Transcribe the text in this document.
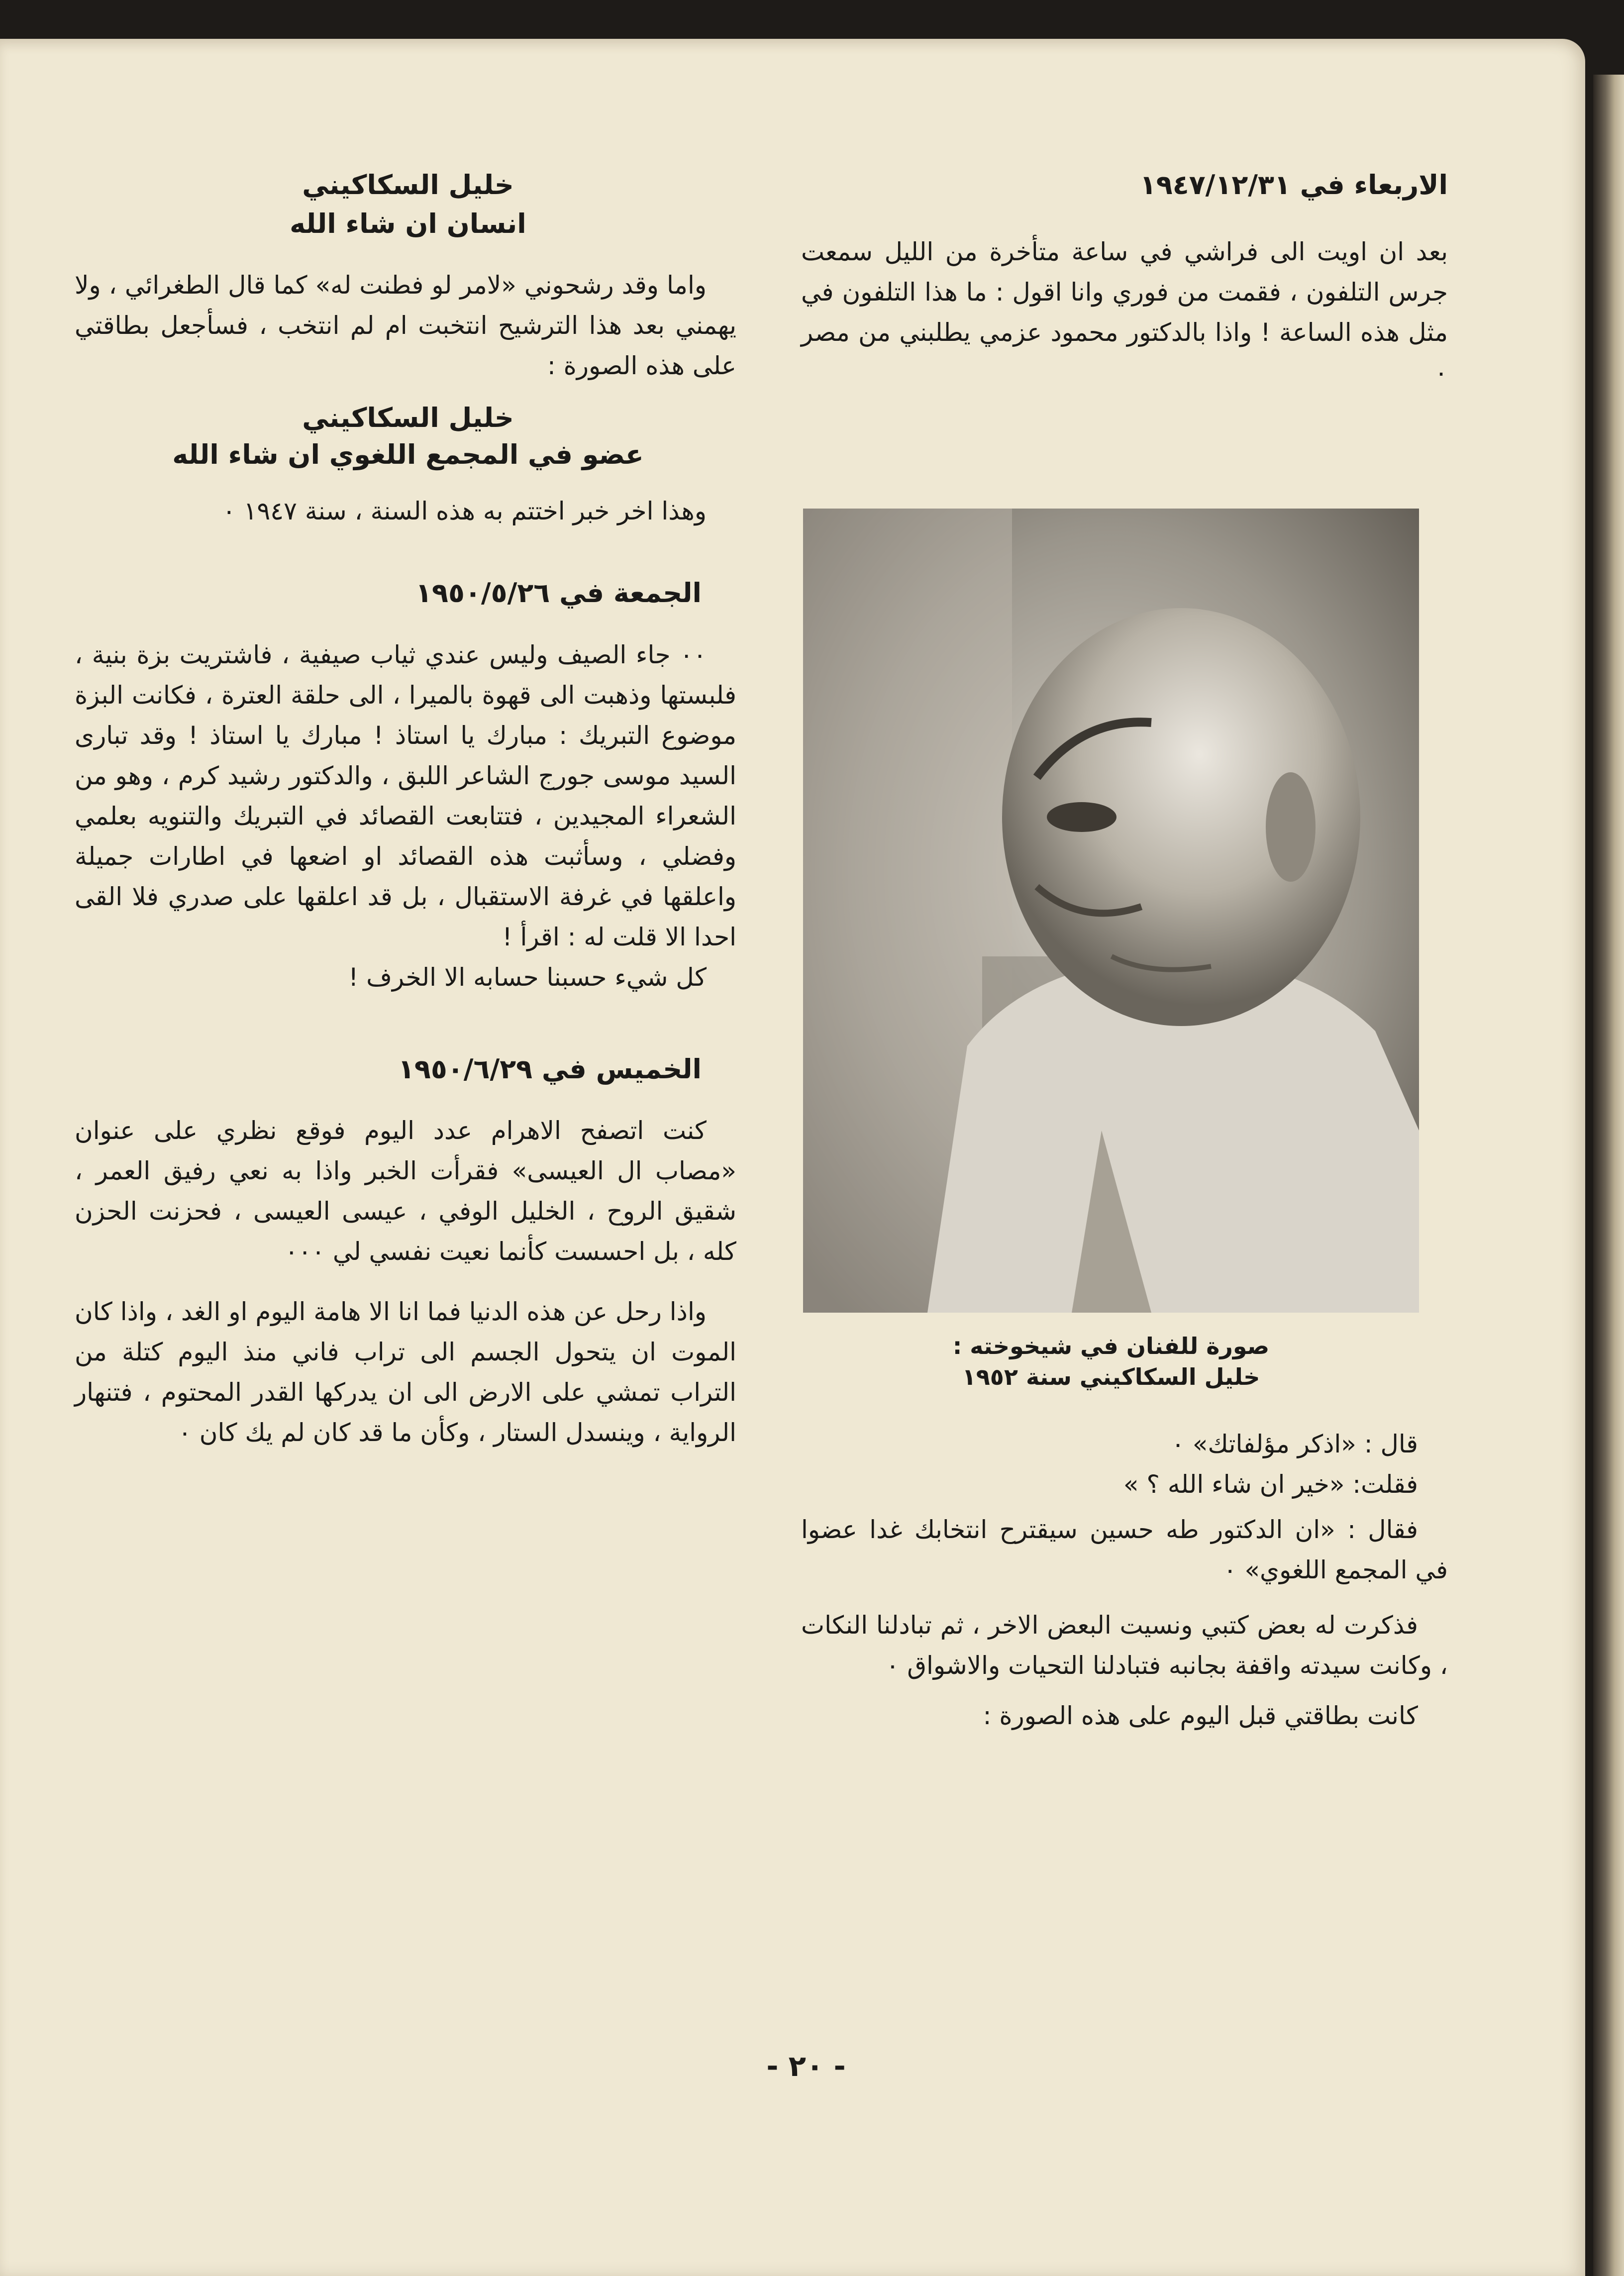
الاربعاء في ١٩٤٧/١٢/٣١

بعد ان اويت الى فراشي في ساعة متأخرة من الليل سمعت جرس التلفون ، فقمت من فوري وانا اقول : ما هذا التلفون في مثل هذه الساعة ! واذا بالدكتور محمود عزمي يطلبني من مصر ٠

صورة للفنان في شيخوخته :
خليل السكاكيني سنة ١٩٥٢

قال : «اذكر مؤلفاتك» ٠

فقلت: «خير ان شاء الله ؟ »

فقال : «ان الدكتور طه حسين سيقترح انتخابك غدا عضوا في المجمع اللغوي» ٠

فذكرت له بعض كتبي ونسيت البعض الاخر ، ثم تبادلنا النكات ، وكانت سيدته واقفة بجانبه فتبادلنا التحيات والاشواق ٠

كانت بطاقتي قبل اليوم على هذه الصورة :

خليل السكاكيني

انسان ان شاء الله

واما وقد رشحوني «لامر لو فطنت له» كما قال الطغرائي ، ولا يهمني بعد هذا الترشيح انتخبت ام لم انتخب ، فسأجعل بطاقتي على هذه الصورة :

خليل السكاكيني

عضو في المجمع اللغوي ان شاء الله

وهذا اخر خبر اختتم به هذه السنة ، سنة ١٩٤٧ ٠

الجمعة في ١٩٥٠/٥/٢٦

٠٠ جاء الصيف وليس عندي ثياب صيفية ، فاشتريت بزة بنية ، فلبستها وذهبت الى قهوة بالميرا ، الى حلقة العترة ، فكانت البزة موضوع التبريك : مبارك يا استاذ ! مبارك يا استاذ ! وقد تبارى السيد موسى جورج الشاعر اللبق ، والدكتور رشيد كرم ، وهو من الشعراء المجيدين ، فتتابعت القصائد في التبريك والتنويه بعلمي وفضلي ، وسأثبت هذه القصائد او اضعها في اطارات جميلة واعلقها في غرفة الاستقبال ، بل قد اعلقها على صدري فلا القى احدا الا قلت له : اقرأ !

كل شيء حسبنا حسابه الا الخرف !

الخميس في ١٩٥٠/٦/٢٩

كنت اتصفح الاهرام عدد اليوم فوقع نظري على عنوان «مصاب ال العيسى» فقرأت الخبر واذا به نعي رفيق العمر ، شقيق الروح ، الخليل الوفي ، عيسى العيسى ، فحزنت الحزن كله ، بل احسست كأنما نعيت نفسي لي ٠٠٠

واذا رحل عن هذه الدنيا فما انا الا هامة اليوم او الغد ، واذا كان الموت ان يتحول الجسم الى تراب فاني منذ اليوم كتلة من التراب تمشي على الارض الى ان يدركها القدر المحتوم ، فتنهار الرواية ، وينسدل الستار ، وكأن ما قد كان لم يك كان ٠

- ٢٠ -
